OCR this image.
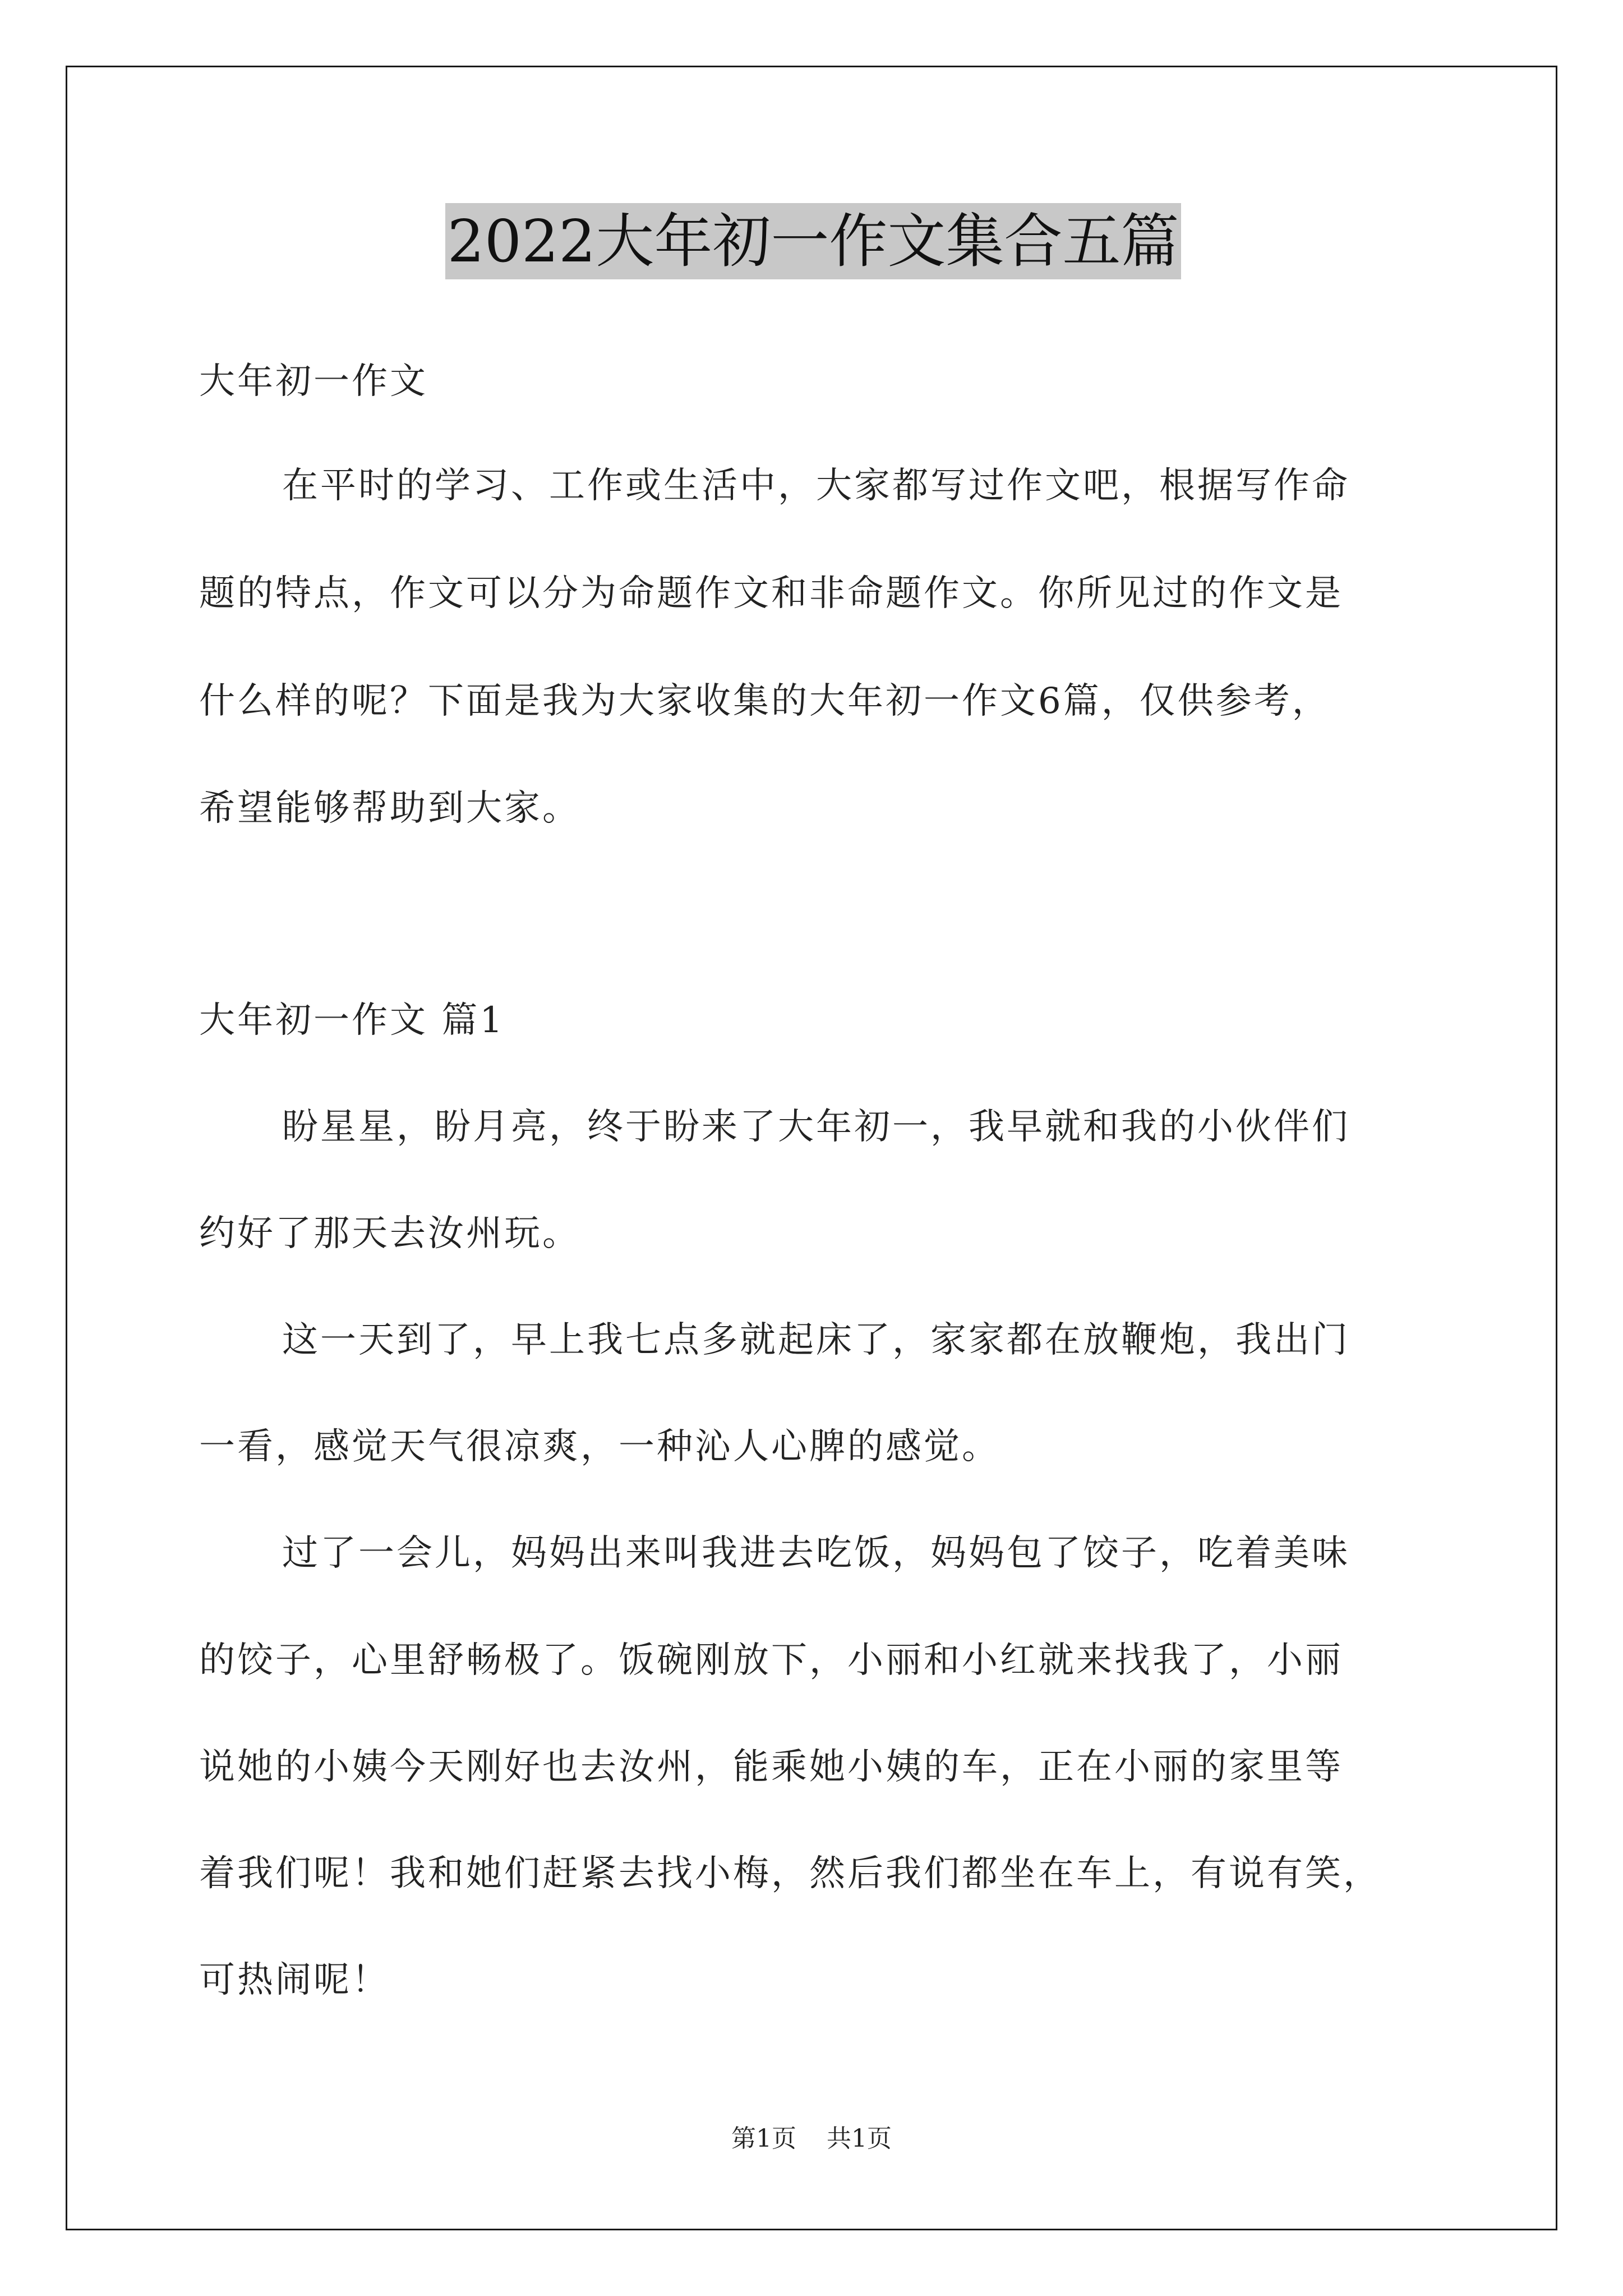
2022大年初一作文集合五篇
大年初一作文
在平时的学习、工作或生活中，大家都写过作文吧，根据写作命
题的特点，作文可以分为命题作文和非命题作文。你所见过的作文是
什么样的呢？下面是我为大家收集的大年初一作文6篇，仅供参考，
希望能够帮助到大家。
大年初一作文 篇1
盼星星，盼月亮，终于盼来了大年初一，我早就和我的小伙伴们
约好了那天去汝州玩。
这一天到了，早上我七点多就起床了，家家都在放鞭炮，我出门
一看，感觉天气很凉爽，一种沁人心脾的感觉。
过了一会儿，妈妈出来叫我进去吃饭，妈妈包了饺子，吃着美味
的饺子，心里舒畅极了。饭碗刚放下，小丽和小红就来找我了，小丽
说她的小姨今天刚好也去汝州，能乘她小姨的车，正在小丽的家里等
着我们呢！我和她们赶紧去找小梅，然后我们都坐在车上，有说有笑，
可热闹呢！
第1页 共1页
